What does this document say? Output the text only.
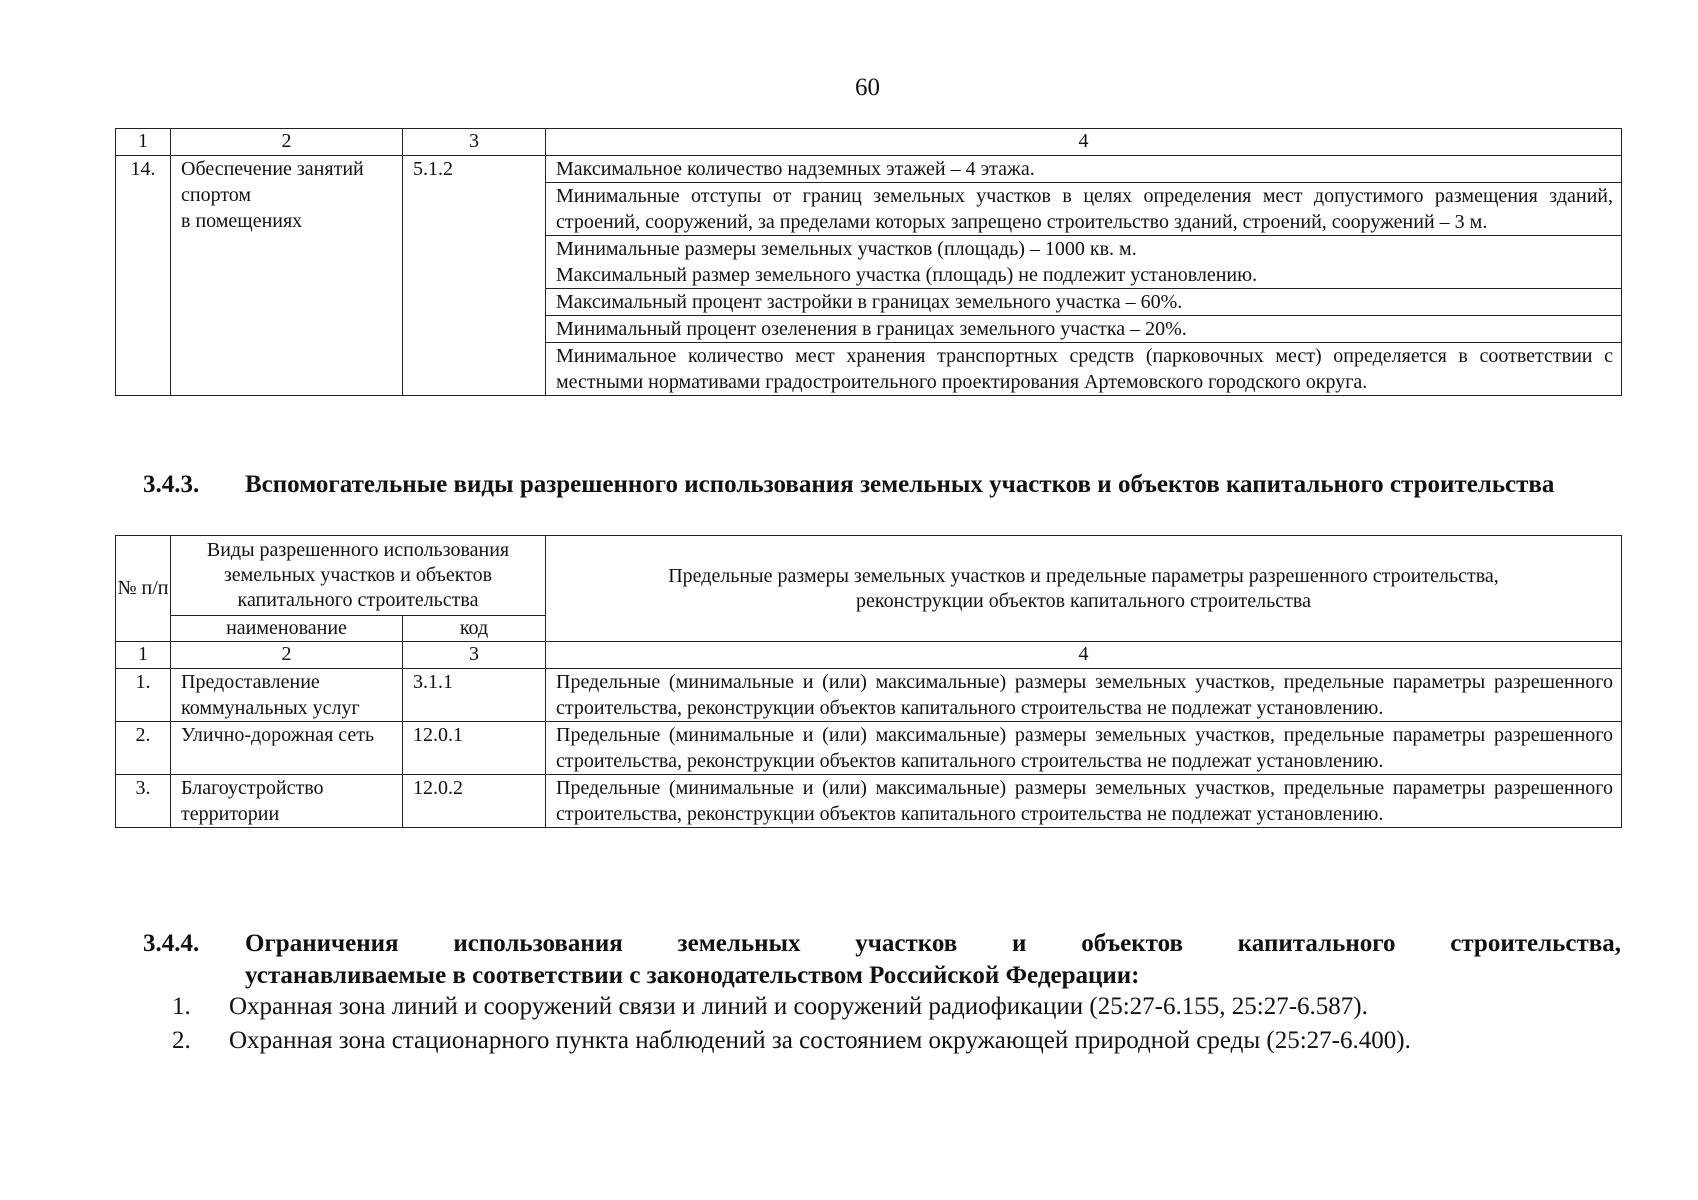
60
1	2	3	4
14.	Обеспечение занятий
спортом
в помещениях	5.1.2	Максимальное количество надземных этажей – 4 этажа.
			Минимальные отступы от границ земельных участков в целях определения мест допустимого размещения зданий, строений, сооружений, за пределами которых запрещено строительство зданий, строений, сооружений – 3 м.

			Минимальные размеры земельных участков (площадь) – 1000 кв. м.
Максимальный размер земельного участка (площадь) не подлежит установлению.

			Максимальный процент застройки в границах земельного участка – 60%.
			Минимальный процент озеленения в границах земельного участка – 20%.
			Минимальное количество мест хранения транспортных средств (парковочных мест) определяется в соответствии с местными нормативами градостроительного проектирования Артемовского городского округа.
3.4.3. Вспомогательные виды разрешенного использования земельных участков и объектов капитального строительства
№ п/п	Виды разрешенного использования земельных участков и объектов капитального строительства		Предельные размеры земельных участков и предельные параметры разрешенного строительства, реконструкции объектов капитального строительства
	наименование	код	
1	2	3	4
1.	Предоставление коммунальных услуг	3.1.1	Предельные (минимальные и (или) максимальные) размеры земельных участков, предельные параметры разрешенного строительства, реконструкции объектов капитального строительства не подлежат установлению.
2.	Улично-дорожная сеть	12.0.1	Предельные (минимальные и (или) максимальные) размеры земельных участков, предельные параметры разрешенного строительства, реконструкции объектов капитального строительства не подлежат установлению.
3.	Благоустройство территории	12.0.2	Предельные (минимальные и (или) максимальные) размеры земельных участков, предельные параметры разрешенного строительства, реконструкции объектов капитального строительства не подлежат установлению.
3.4.4. Ограничения использования земельных участков и объектов капитального строительства,
устанавливаемые в соответствии с законодательством Российской Федерации:
1. Охранная зона линий и сооружений связи и линий и сооружений радиофикации (25:27-6.155, 25:27-6.587).
2. Охранная зона стационарного пункта наблюдений за состоянием окружающей природной среды (25:27-6.400).
